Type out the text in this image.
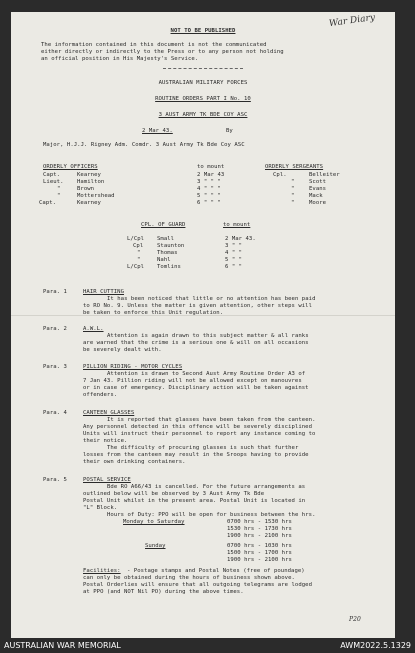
War Diary
NOT TO BE PUBLISHED
The information contained in this document is not the communicated
either directly or indirectly to the Press or to any person not holding
an official position in His Majesty's Service.
AUSTRALIAN MILITARY FORCES
ROUTINE ORDERS PART I No. 10
3 AUST ARMY TK BDE COY ASC
2 Mar 43.	By
Major, H.J.J. Rigney Adm. Comdr. 3 Aust Army Tk Bde Coy ASC
ORDERLY OFFICERS	to mount	ORDERLY SERGEANTS
Capt.	Kearney	2 Mar 43	Cpl.	Belleiter
Lieut. Hamilton	3 " " "	"	Scott
"	Brown	4 " " "	"	Evans
"	Mottershead	5 " " "	"	Mack
Capt.	Kearney	6 " " "	"	Moore
CPL. OF GUARD	to mount
L/Cpl Small	2 Mar 43.
Cpl Staunton	3 " "
"	Thomas	4 " "
"	Nahl	5 " "
L/Cpl Tomlins	6 " "
Para. 1	HAIR CUTTING
It has been noticed that little or no attention has been paid
to RO No. 9. Unless the matter is given attention, other steps will
be taken to enforce this Unit regulation.
Para. 2	A.W.L.
Attention is again drawn to this subject matter & all ranks
are warned that the crime is a serious one & will on all occasions
be severely dealt with.
Para. 3	PILLION RIDING - MOTOR CYCLES
Attention is drawn to Second Aust Army Routine Order A3 of
7 Jan 43. Pillion riding will not be allowed except on manouvres
or in case of emergency. Disciplinary action will be taken against
offenders.
Para. 4	CANTEEN GLASSES
It is reported that glasses have been taken from the canteen.
Any personnel detected in this offence will be severely disciplined
Units will instruct their personnel to report any instance coming to
their notice.
The difficulty of procuring glasses is such that further
losses from the canteen may result in the Sroops having to provide
their own drinking containers.
Para. 5	POSTAL SERVICE
Bde RO A66/43 is cancelled. For the future arrangements as
outlined below will be observed by 3 Aust Army Tk Bde
Postal Unit whilst in the present area. Postal Unit is located in
"L" Block.
Hours of Duty: PPO will be open for business between the hrs.
Monday to Saturday	0700 hrs - 1530 hrs
1530 hrs - 1730 hrs
1900 hrs - 2100 hrs
Sunday	0700 hrs - 1030 hrs
1500 hrs - 1700 hrs
1900 hrs - 2100 hrs
Facilities: - Postage stamps and Postal Notes (free of poundage)
can only be obtained during the hours of business shown above.
Postal Orderlies will ensure that all outgoing telegrams are lodged
at PPO (and NOT Nil PO) during the above times.
P20
AUSTRALIAN WAR MEMORIAL	AWM2022.5.1329
